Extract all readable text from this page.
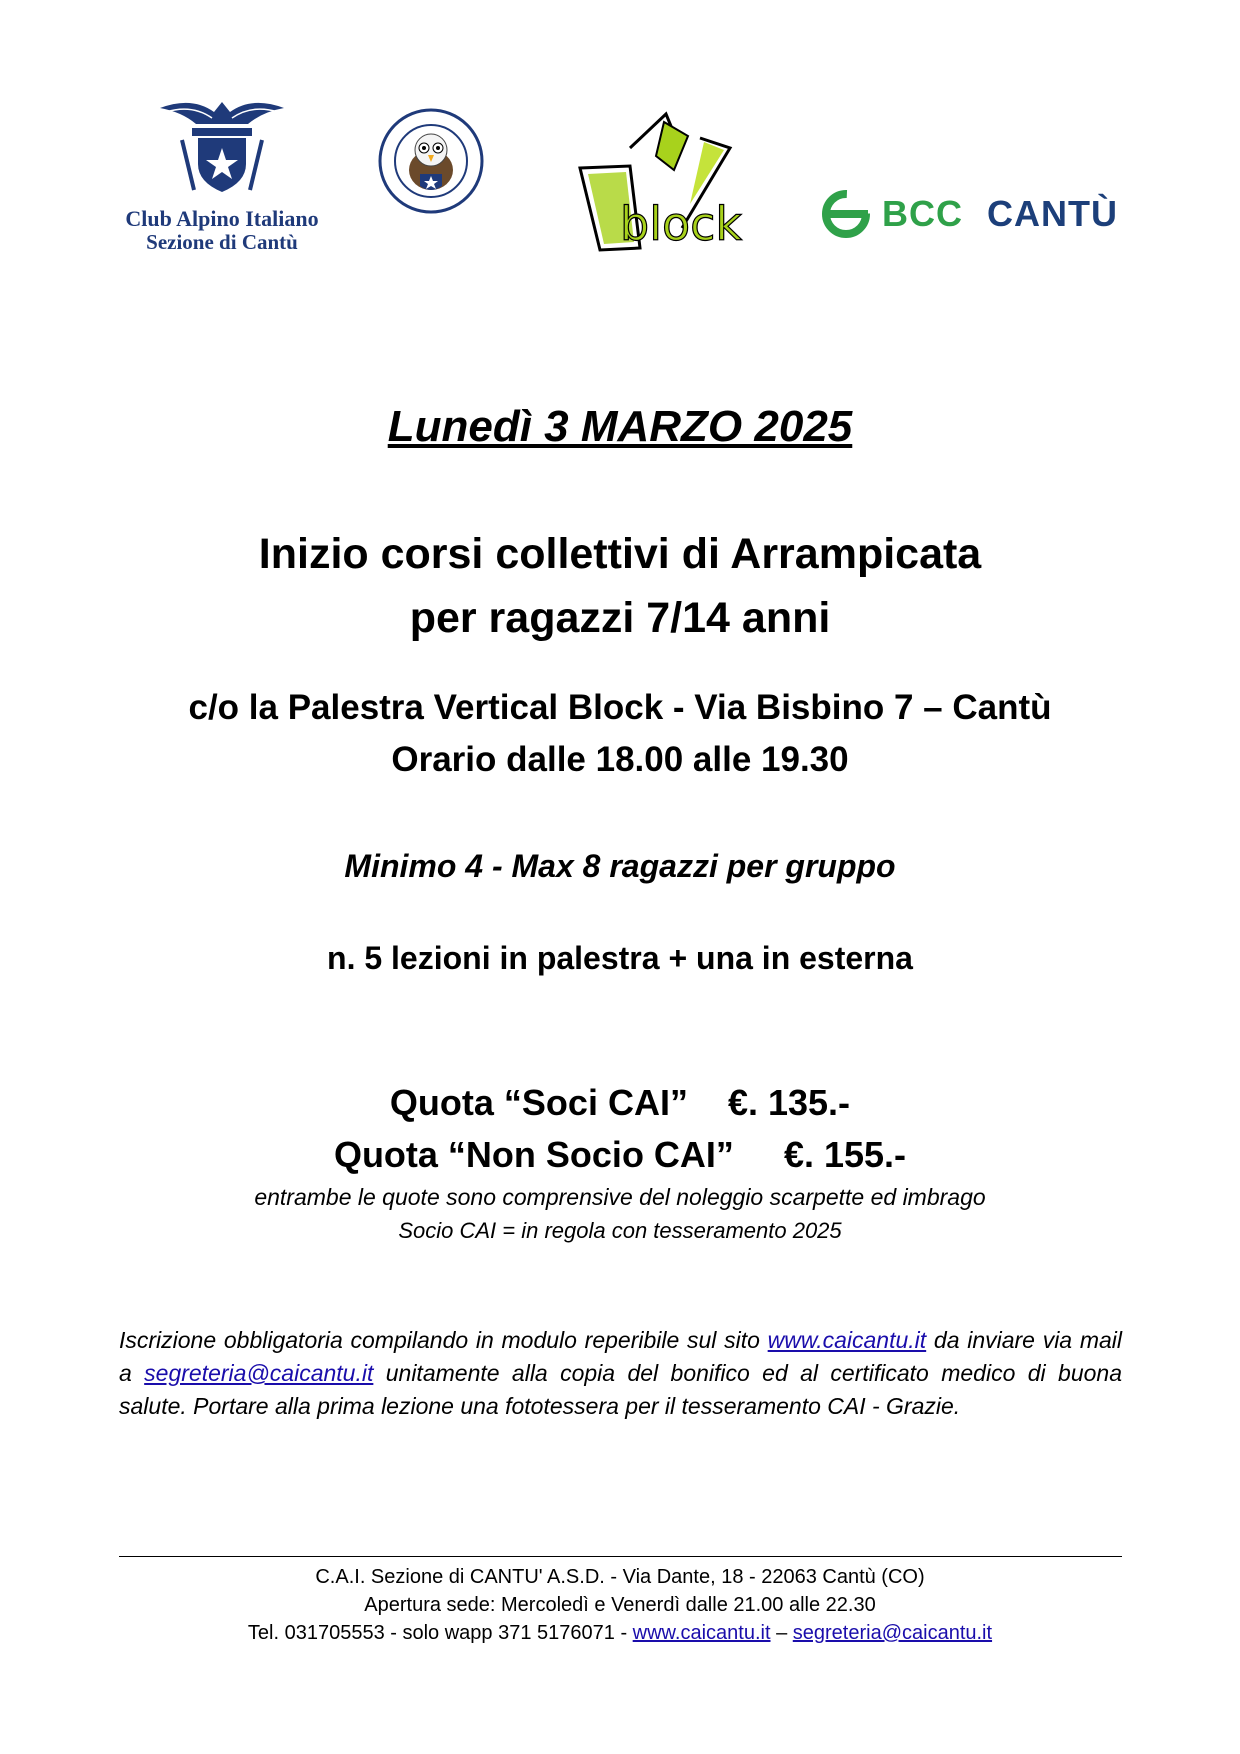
Club Alpino Italiano
Sezione di Cantù	block	BCC CANTÙ
Lunedì 3 MARZO 2025
Inizio corsi collettivi di Arrampicata
per ragazzi 7/14 anni
c/o la Palestra Vertical Block - Via Bisbino 7 – Cantù
Orario dalle 18.00 alle 19.30
Minimo 4 - Max 8 ragazzi per gruppo
n. 5 lezioni in palestra + una in esterna
Quota “Soci CAI” €. 135.-
Quota “Non Socio CAI” €. 155.-
entrambe le quote sono comprensive del noleggio scarpette ed imbrago
Socio CAI = in regola con tesseramento 2025
Iscrizione obbligatoria compilando in modulo reperibile sul sito www.caicantu.it da inviare via mail a segreteria@caicantu.it unitamente alla copia del bonifico ed al certificato medico di buona salute. Portare alla prima lezione una fototessera per il tesseramento CAI - Grazie.
C.A.I. Sezione di CANTU' A.S.D. - Via Dante, 18 - 22063 Cantù (CO)
Apertura sede: Mercoledì e Venerdì dalle 21.00 alle 22.30
Tel. 031705553 - solo wapp 371 5176071 - www.caicantu.it – segreteria@caicantu.it
